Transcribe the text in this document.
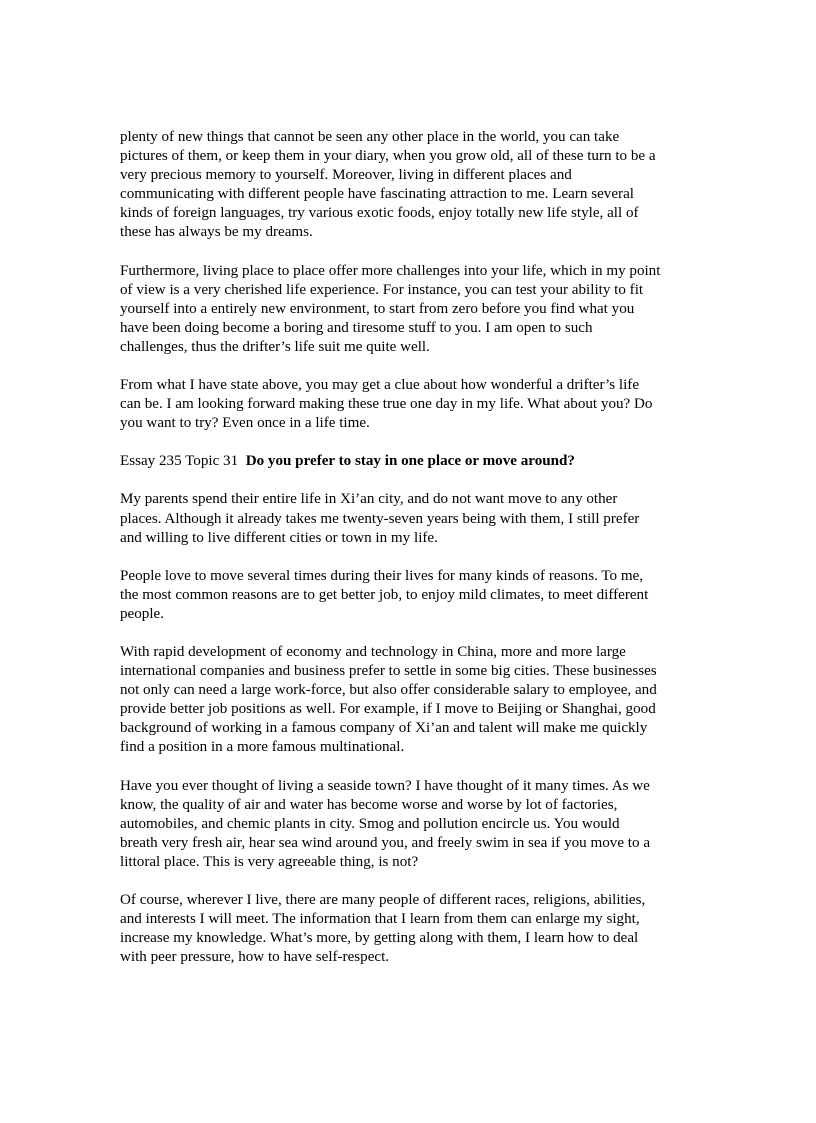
plenty of new things that cannot be seen any other place in the world, you can take
pictures of them, or keep them in your diary, when you grow old, all of these turn to be a
very precious memory to yourself. Moreover, living in different places and
communicating with different people have fascinating attraction to me. Learn several
kinds of foreign languages, try various exotic foods, enjoy totally new life style, all of
these has always be my dreams.

Furthermore, living place to place offer more challenges into your life, which in my point
of view is a very cherished life experience. For instance, you can test your ability to fit
yourself into a entirely new environment, to start from zero before you find what you
have been doing become a boring and tiresome stuff to you. I am open to such
challenges, thus the drifter’s life suit me quite well.

From what I have state above, you may get a clue about how wonderful a drifter’s life
can be. I am looking forward making these true one day in my life. What about you? Do
you want to try? Even once in a life time.

Essay 235 Topic 31 Do you prefer to stay in one place or move around?

My parents spend their entire life in Xi’an city, and do not want move to any other
places. Although it already takes me twenty-seven years being with them, I still prefer
and willing to live different cities or town in my life.

People love to move several times during their lives for many kinds of reasons. To me,
the most common reasons are to get better job, to enjoy mild climates, to meet different
people.

With rapid development of economy and technology in China, more and more large
international companies and business prefer to settle in some big cities. These businesses
not only can need a large work-force, but also offer considerable salary to employee, and
provide better job positions as well. For example, if I move to Beijing or Shanghai, good
background of working in a famous company of Xi’an and talent will make me quickly
find a position in a more famous multinational.

Have you ever thought of living a seaside town? I have thought of it many times. As we
know, the quality of air and water has become worse and worse by lot of factories,
automobiles, and chemic plants in city. Smog and pollution encircle us. You would
breath very fresh air, hear sea wind around you, and freely swim in sea if you move to a
littoral place. This is very agreeable thing, is not?

Of course, wherever I live, there are many people of different races, religions, abilities,
and interests I will meet. The information that I learn from them can enlarge my sight,
increase my knowledge. What’s more, by getting along with them, I learn how to deal
with peer pressure, how to have self-respect.
